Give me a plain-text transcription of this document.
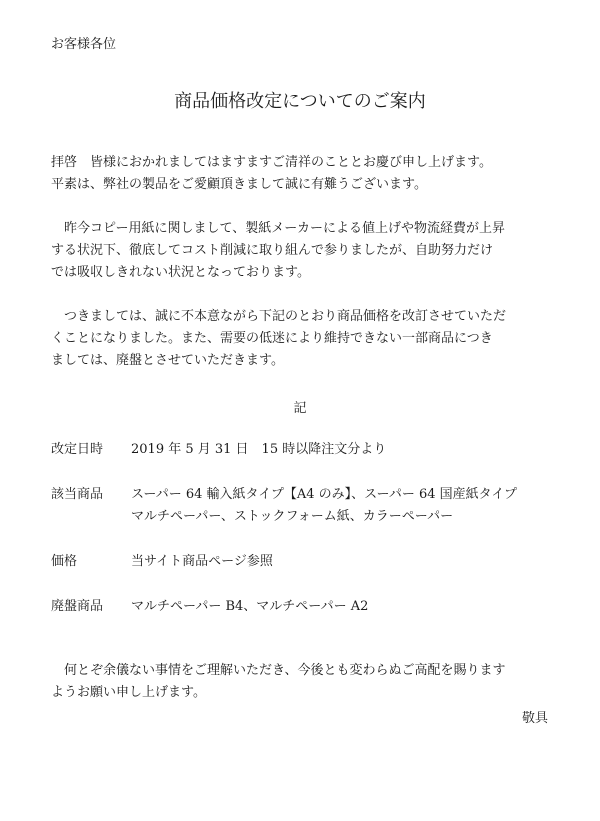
お客様各位
商品価格改定についてのご案内

拝啓　皆様におかれましてはますますご清祥のこととお慶び申し上げます。

平素は、弊社の製品をご愛顧頂きまして誠に有難うございます。

　昨今コピー用紙に関しまして、製紙メーカーによる値上げや物流経費が上昇

する状況下、徹底してコスト削減に取り組んで参りましたが、自助努力だけ

では吸収しきれない状況となっております。

　つきましては、誠に不本意ながら下記のとおり商品価格を改訂させていただ

くことになりました。また、需要の低迷により維持できない一部商品につき

ましては、廃盤とさせていただきます。

記
改定日時	2019 年 5 月 31 日　15 時以降注文分より
該当商品	スーパー 64 輸入紙タイプ【A4 のみ】、スーパー 64 国産紙タイプ
マルチペーパー、ストックフォーム紙、カラーペーパー
価格	当サイト商品ページ参照
廃盤商品	マルチペーパー B4、マルチペーパー A2

　何とぞ余儀ない事情をご理解いただき、今後とも変わらぬご高配を賜ります

ようお願い申し上げます。

敬具
